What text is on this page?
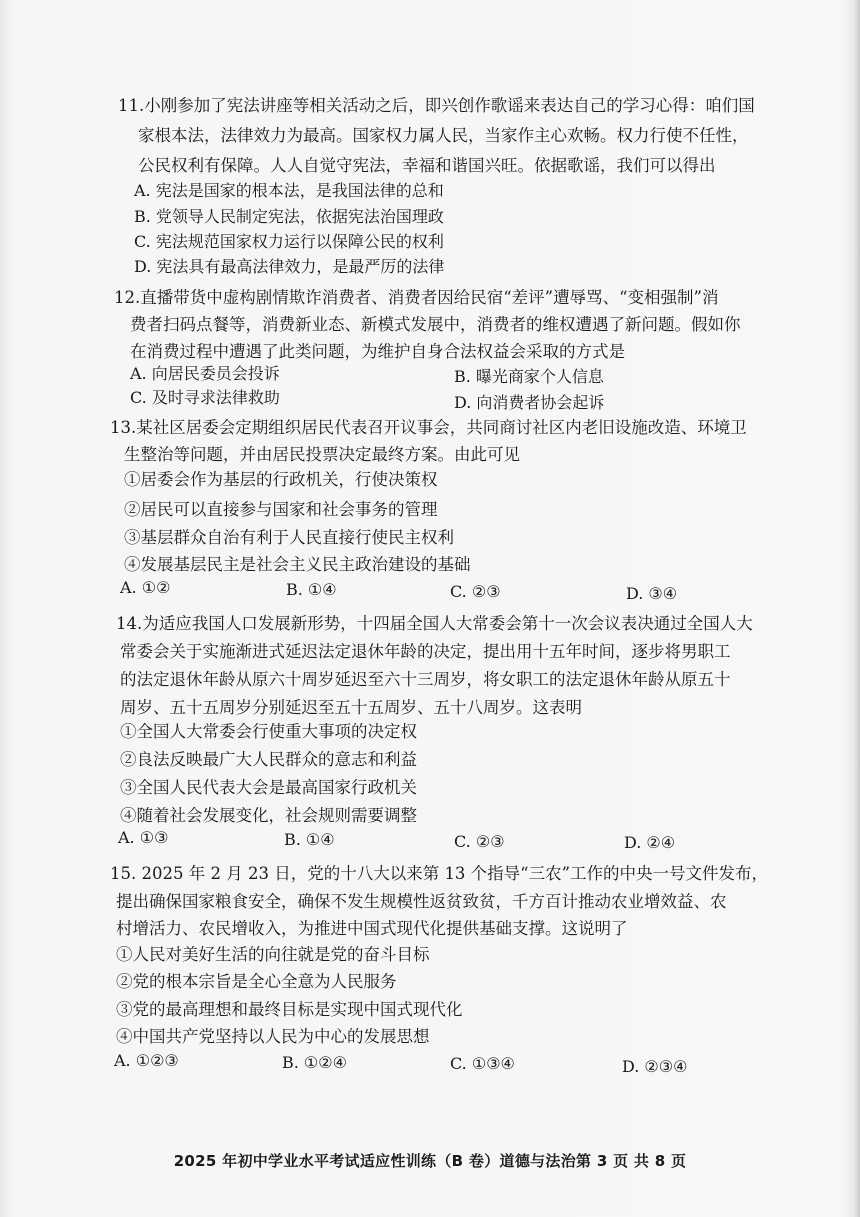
11.小刚参加了宪法讲座等相关活动之后，即兴创作歌谣来表达自己的学习心得：咱们国
家根本法，法律效力为最高。国家权力属人民，当家作主心欢畅。权力行使不任性，
公民权利有保障。人人自觉守宪法，幸福和谐国兴旺。依据歌谣，我们可以得出
A. 宪法是国家的根本法，是我国法律的总和
B. 党领导人民制定宪法，依据宪法治国理政
C. 宪法规范国家权力运行以保障公民的权利
D. 宪法具有最高法律效力，是最严厉的法律
12.直播带货中虚构剧情欺诈消费者、消费者因给民宿“差评”遭辱骂、“变相强制”消
费者扫码点餐等，消费新业态、新模式发展中，消费者的维权遭遇了新问题。假如你
在消费过程中遭遇了此类问题，为维护自身合法权益会采取的方式是
A. 向居民委员会投诉	B. 曝光商家个人信息
C. 及时寻求法律救助	D. 向消费者协会起诉
13.某社区居委会定期组织居民代表召开议事会，共同商讨社区内老旧设施改造、环境卫
生整治等问题，并由居民投票决定最终方案。由此可见
①居委会作为基层的行政机关，行使决策权
②居民可以直接参与国家和社会事务的管理
③基层群众自治有利于人民直接行使民主权利
④发展基层民主是社会主义民主政治建设的基础
A. ①②	B. ①④	C. ②③	D. ③④
14.为适应我国人口发展新形势，十四届全国人大常委会第十一次会议表决通过全国人大
常委会关于实施渐进式延迟法定退休年龄的决定，提出用十五年时间，逐步将男职工
的法定退休年龄从原六十周岁延迟至六十三周岁，将女职工的法定退休年龄从原五十
周岁、五十五周岁分别延迟至五十五周岁、五十八周岁。这表明
①全国人大常委会行使重大事项的决定权
②良法反映最广大人民群众的意志和利益
③全国人民代表大会是最高国家行政机关
④随着社会发展变化，社会规则需要调整
A. ①③	B. ①④	C. ②③	D. ②④
15. 2025 年 2 月 23 日，党的十八大以来第 13 个指导“三农”工作的中央一号文件发布，
提出确保国家粮食安全，确保不发生规模性返贫致贫，千方百计推动农业增效益、农
村增活力、农民增收入，为推进中国式现代化提供基础支撑。这说明了
①人民对美好生活的向往就是党的奋斗目标
②党的根本宗旨是全心全意为人民服务
③党的最高理想和最终目标是实现中国式现代化
④中国共产党坚持以人民为中心的发展思想
A. ①②③	B. ①②④	C. ①③④	D. ②③④
2025 年初中学业水平考试适应性训练（B 卷）道德与法治第 3 页 共 8 页
